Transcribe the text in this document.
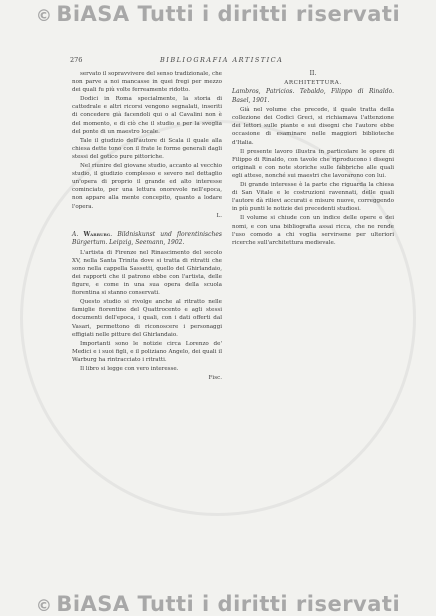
© BiASA Tutti i diritti riservati
276	BIBLIOGRAFIA ARTISTICA

servato il sopravvivere del senso tradizionale, che non parve a noi mancasse in quei fregi per mezzo dei quali fu più volte ferreamente ridotto.

Dodici in Roma specialmente, la storia di cattedrale e altri ricorsi vengono segnalati, inseriti di concedere già facendoli qui o al Cavalini non è del momento, e di ciò che il studio e per la sveglia del ponte di un maestro locale.

Tale il giudizio dell'autore di Scala il quale alla chiesa dette tono con il frate le forme generali dagli stessi del gotico pure pittoriche.

Nel riunire del giovane studio, accanto al vecchio studio, il giudizio complesso e severo nel dettaglio un'opera di proprio il grande ed alto interesse cominciato, per una lettura onorevole nell'epoca, non appare alla mente concepito, quanto a lodare l'opera.

L.

A. Warburg. Bildniskunst und florentinisches Bürgertum. Leipzig, Seemann, 1902.

L'artista di Firenze nel Rinascimento del secolo XV, nella Santa Trinita dove si tratta di ritratti che sono nella cappella Sassetti, quello del Ghirlandaio, dei rapporti che il patrono ebbe con l'artista, delle figure, e come in una sua opera della scuola fiorentina si stanno conservati.

Questo studio si rivolge anche al ritratto nelle famiglie fiorentine del Quattrocento e agli stessi documenti dell'epoca, i quali, con i dati offerti dal Vasari, permettono di riconoscere i personaggi effigiati nelle pitture del Ghirlandaio.

Importanti sono le notizie circa Lorenzo de' Medici e i suoi figli, e il poliziano Angelo, dei quali il Warburg ha rintracciato i ritratti.

Il libro si legge con vero interesse.

Fisc.

II.

ARCHITETTURA.

Lambros, Patricios. Tebaldo, Filippo di Rinaldo. Basel, 1901.

Già nel volume che precede, il quale tratta della collezione dei Codici Greci, si richiamava l'attenzione dei lettori sulle piante e sui disegni che l'autore ebbe occasione di esaminare nelle maggiori biblioteche d'Italia.

Il presente lavoro illustra in particolare le opere di Filippo di Rinaldo, con tavole che riproducono i disegni originali e con note storiche sulle fabbriche alle quali egli attese, nonché sui maestri che lavorarono con lui.

Di grande interesse è la parte che riguarda la chiesa di San Vitale e le costruzioni ravennati, delle quali l'autore dà rilievi accurati e misure nuove, correggendo in più punti le notizie dei precedenti studiosi.

Il volume si chiude con un indice delle opere e dei nomi, e con una bibliografia assai ricca, che ne rende l'uso comodo a chi voglia servirsene per ulteriori ricerche sull'architettura medievale.

© BiASA Tutti i diritti riservati
